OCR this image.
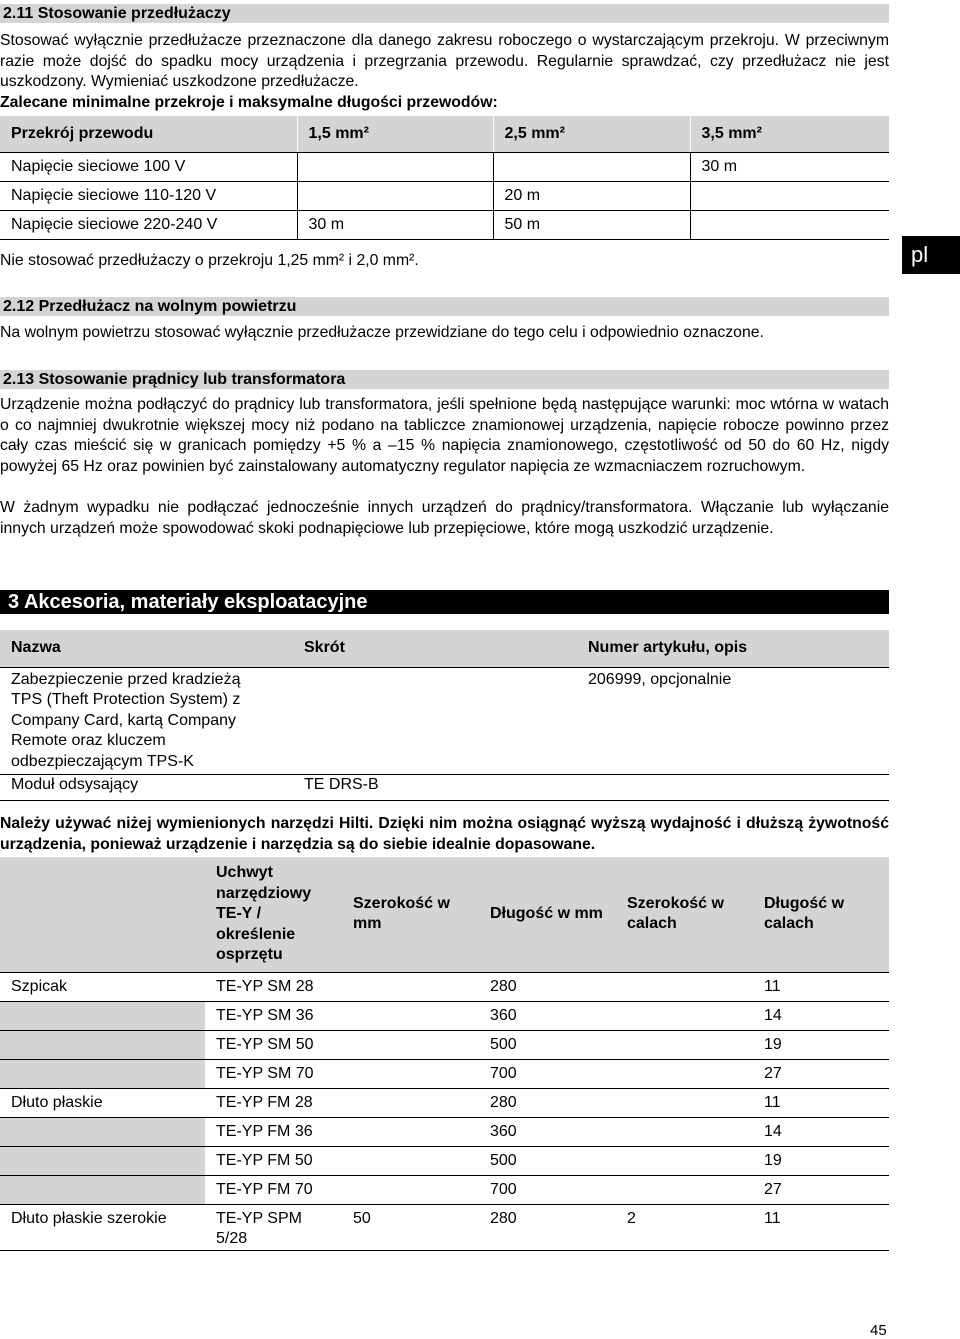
2.11 Stosowanie przedłużaczy
Stosować wyłącznie przedłużacze przeznaczone dla danego zakresu roboczego o wystarczającym przekroju. W przeciwnym razie może dojść do spadku mocy urządzenia i przegrzania przewodu. Regularnie sprawdzać, czy przedłużacz nie jest uszkodzony. Wymieniać uszkodzone przedłużacze.
Zalecane minimalne przekroje i maksymalne długości przewodów:
Przekrój przewodu	1,5 mm²	2,5 mm²	3,5 mm²
Napięcie sieciowe 100 V			30 m
Napięcie sieciowe 110-120 V		20 m	
Napięcie sieciowe 220-240 V	30 m	50 m	
Nie stosować przedłużaczy o przekroju 1,25 mm² i 2,0 mm².	pl
2.12 Przedłużacz na wolnym powietrzu
Na wolnym powietrzu stosować wyłącznie przedłużacze przewidziane do tego celu i odpowiednio oznaczone.
2.13 Stosowanie prądnicy lub transformatora
Urządzenie można podłączyć do prądnicy lub transformatora, jeśli spełnione będą następujące warunki: moc wtórna w watach o co najmniej dwukrotnie większej mocy niż podano na tabliczce znamionowej urządzenia, napięcie robocze powinno przez cały czas mieścić się w granicach pomiędzy +5 % a –15 % napięcia znamionowego, częstotliwość od 50 do 60 Hz, nigdy powyżej 65 Hz oraz powinien być zainstalowany automatyczny regulator napięcia ze wzmacniaczem rozruchowym.
W żadnym wypadku nie podłączać jednocześnie innych urządzeń do prądnicy/transformatora. Włączanie lub wyłączanie innych urządzeń może spowodować skoki podnapięciowe lub przepięciowe, które mogą uszkodzić urządzenie.
3 Akcesoria, materiały eksploatacyjne
Nazwa	Skrót	Numer artykułu, opis
Zabezpieczenie przed kradzieżą TPS (Theft Protection System) z Company Card, kartą Company Remote oraz kluczem odbezpieczającym TPS-K		206999, opcjonalnie
Moduł odsysający	TE DRS-B	
Należy używać niżej wymienionych narzędzi Hilti. Dzięki nim można osiągnąć wyższą wydajność i dłuższą żywotność urządzenia, ponieważ urządzenie i narzędzia są do siebie idealnie dopasowane.
	Uchwyt narzędziowy TE-Y / określenie osprzętu	Szerokość w mm	Długość w mm	Szerokość w calach	Długość w calach
Szpicak	TE-YP SM 28		280		11
	TE-YP SM 36		360		14
	TE-YP SM 50		500		19
	TE-YP SM 70		700		27
Dłuto płaskie	TE-YP FM 28		280		11
	TE-YP FM 36		360		14
	TE-YP FM 50		500		19
	TE-YP FM 70		700		27
Dłuto płaskie szerokie	TE-YP SPM 5/28	50	280	2	11
45
